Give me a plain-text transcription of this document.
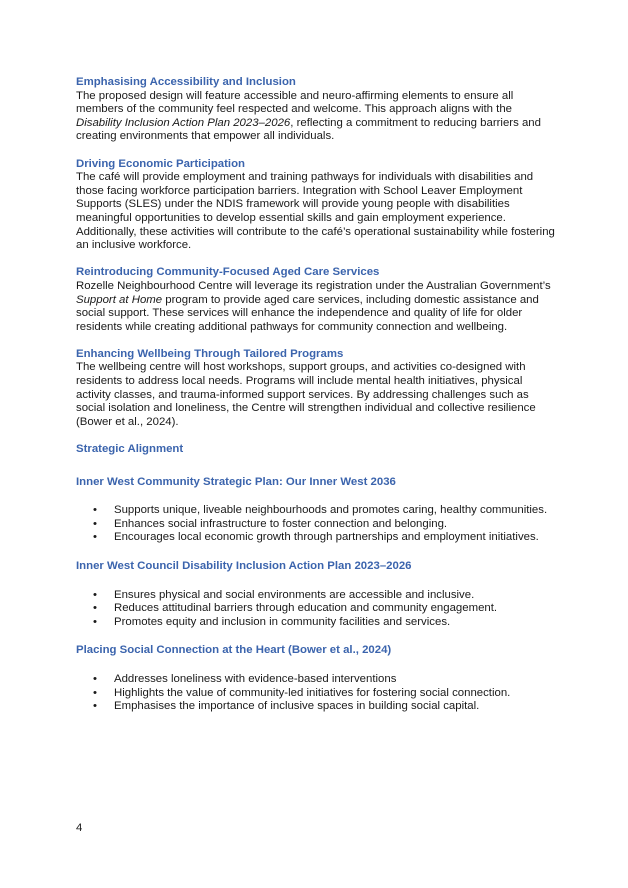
Emphasising Accessibility and Inclusion

The proposed design will feature accessible and neuro-affirming elements to ensure all members of the community feel respected and welcome. This approach aligns with the Disability Inclusion Action Plan 2023–2026, reflecting a commitment to reducing barriers and creating environments that empower all individuals.

Driving Economic Participation

The café will provide employment and training pathways for individuals with disabilities and those facing workforce participation barriers. Integration with School Leaver Employment Supports (SLES) under the NDIS framework will provide young people with disabilities meaningful opportunities to develop essential skills and gain employment experience. Additionally, these activities will contribute to the café’s operational sustainability while fostering an inclusive workforce.

Reintroducing Community-Focused Aged Care Services

Rozelle Neighbourhood Centre will leverage its registration under the Australian Government’s Support at Home program to provide aged care services, including domestic assistance and social support. These services will enhance the independence and quality of life for older residents while creating additional pathways for community connection and wellbeing.

Enhancing Wellbeing Through Tailored Programs

The wellbeing centre will host workshops, support groups, and activities co-designed with residents to address local needs. Programs will include mental health initiatives, physical activity classes, and trauma-informed support services. By addressing challenges such as social isolation and loneliness, the Centre will strengthen individual and collective resilience (Bower et al., 2024).

Strategic Alignment
Inner West Community Strategic Plan: Our Inner West 2036
• Supports unique, liveable neighbourhoods and promotes caring, healthy communities.
• Enhances social infrastructure to foster connection and belonging.
• Encourages local economic growth through partnerships and employment initiatives.
Inner West Council Disability Inclusion Action Plan 2023–2026
• Ensures physical and social environments are accessible and inclusive.
• Reduces attitudinal barriers through education and community engagement.
• Promotes equity and inclusion in community facilities and services.
Placing Social Connection at the Heart (Bower et al., 2024)
• Addresses loneliness with evidence-based interventions
• Highlights the value of community-led initiatives for fostering social connection.
• Emphasises the importance of inclusive spaces in building social capital.
4
